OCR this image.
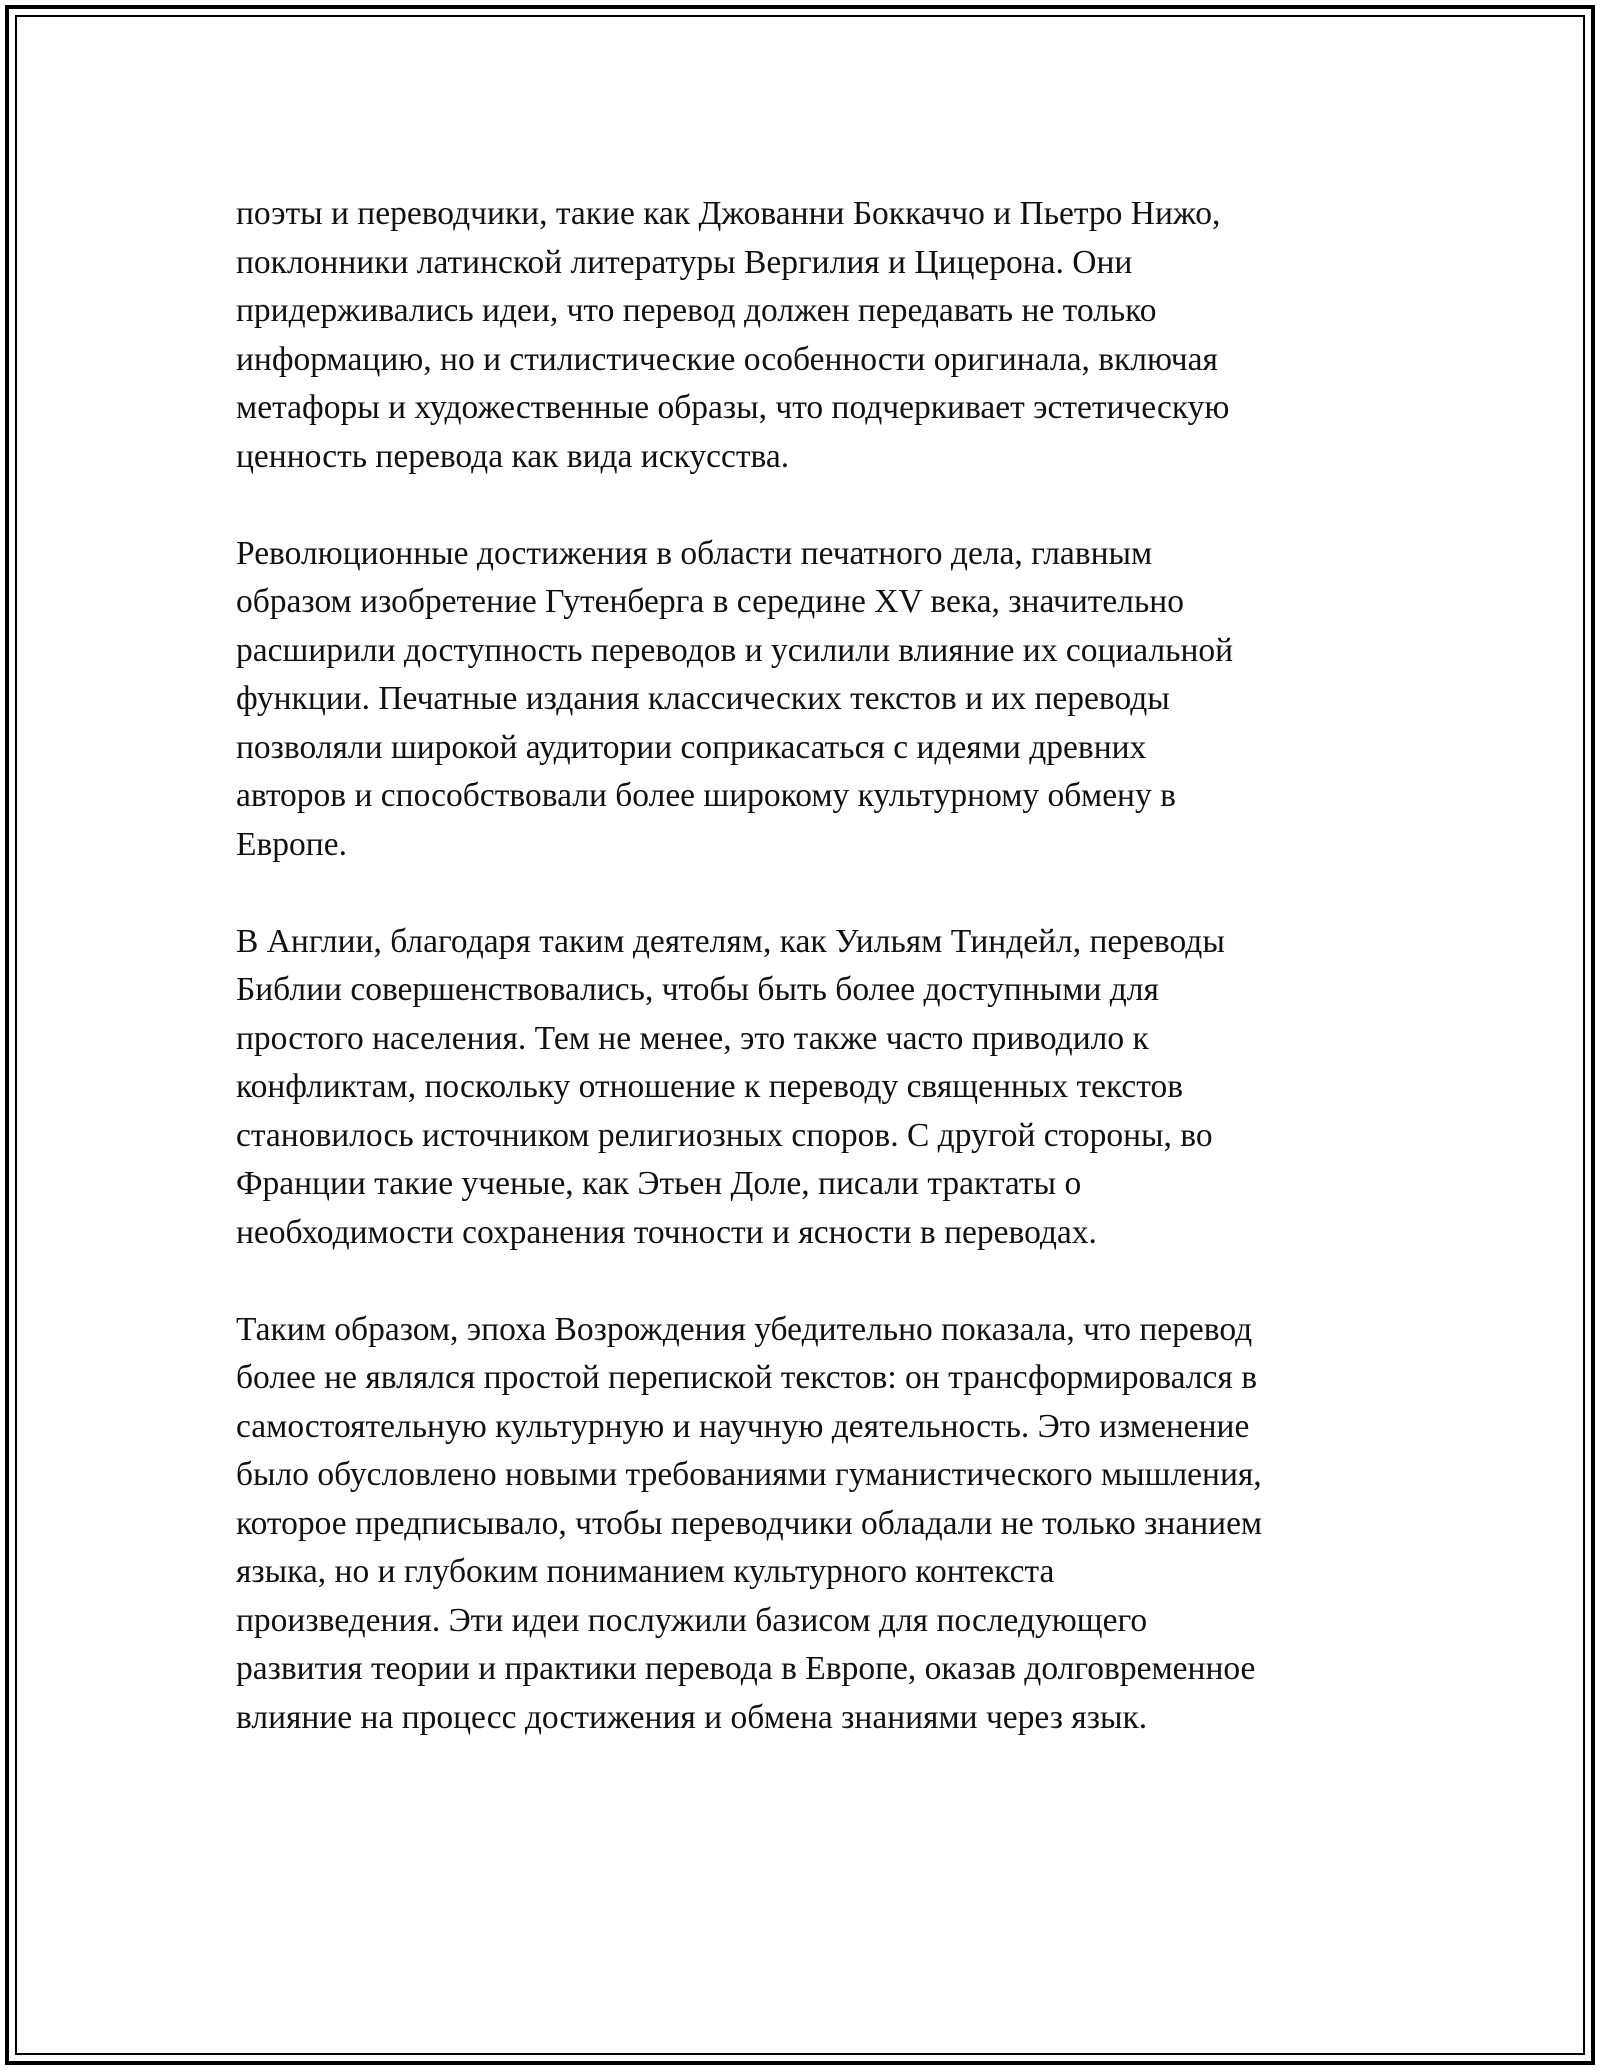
поэты и переводчики, такие как Джованни Боккаччо и Пьетро Нижо,
поклонники латинской литературы Вергилия и Цицерона. Они
придерживались идеи, что перевод должен передавать не только
информацию, но и стилистические особенности оригинала, включая
метафоры и художественные образы, что подчеркивает эстетическую
ценность перевода как вида искусства.

Революционные достижения в области печатного дела, главным
образом изобретение Гутенберга в середине XV века, значительно
расширили доступность переводов и усилили влияние их социальной
функции. Печатные издания классических текстов и их переводы
позволяли широкой аудитории соприкасаться с идеями древних
авторов и способствовали более широкому культурному обмену в
Европе.

В Англии, благодаря таким деятелям, как Уильям Тиндейл, переводы
Библии совершенствовались, чтобы быть более доступными для
простого населения. Тем не менее, это также часто приводило к
конфликтам, поскольку отношение к переводу священных текстов
становилось источником религиозных споров. С другой стороны, во
Франции такие ученые, как Этьен Доле, писали трактаты о
необходимости сохранения точности и ясности в переводах.

Таким образом, эпоха Возрождения убедительно показала, что перевод
более не являлся простой перепиской текстов: он трансформировался в
самостоятельную культурную и научную деятельность. Это изменение
было обусловлено новыми требованиями гуманистического мышления,
которое предписывало, чтобы переводчики обладали не только знанием
языка, но и глубоким пониманием культурного контекста
произведения. Эти идеи послужили базисом для последующего
развития теории и практики перевода в Европе, оказав долговременное
влияние на процесс достижения и обмена знаниями через язык.
